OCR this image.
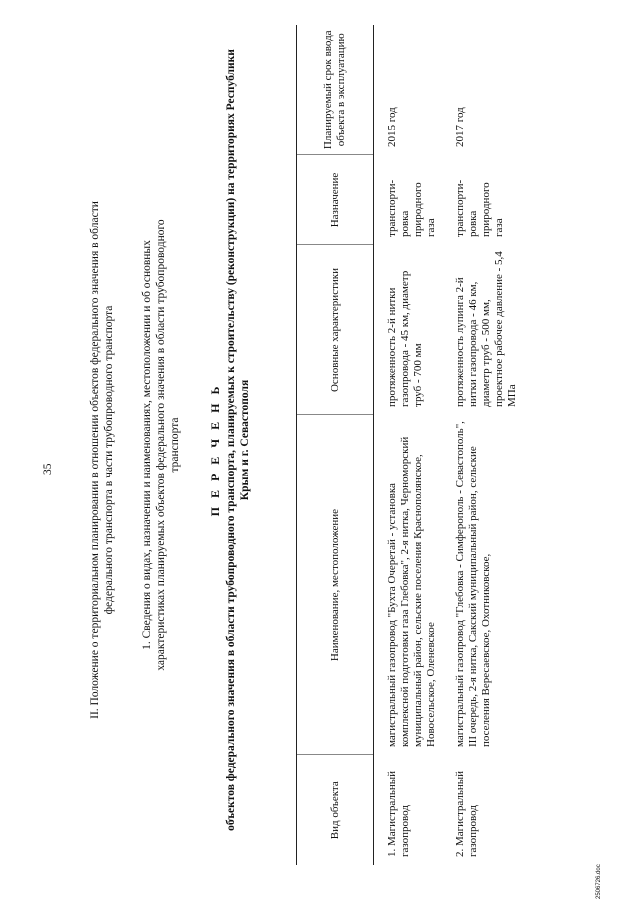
35	II. Положение о территориальном планировании в отношении объектов федерального значения в области федерального транспорта в части трубопроводного транспорта 1. Сведения о видах, назначении и наименованиях, местоположении и об основных характеристиках планируемых объектов федерального значения в области трубопроводного транспорта П Е Р Е Ч Е Н Ь объектов федерального значения в области трубопроводного транспорта, планируемых к строительству (реконструкции) на территориях Республики Крым и г. Севастополя
Вид объекта	Наименование, местоположение	Основные характеристики	Назначение	Планируемый срок ввода объекта в эксплуатацию
1. Магистральный газопровод	магистральный газопровод "Бухта Очеретай - установка комплексной подготовки газа Глебовка", 2-я нитка, Черноморский муниципальный район, сельские поселения Краснополянское, Новосельское, Оленевское	протяженность 2-й нитки газопровода - 45 км, диаметр труб - 700 мм	транспорти-ровка природного газа	2015 год
2. Магистральный газопровод	магистральный газопровод "Глебовка - Симферополь - Севастополь", III очередь, 2-я нитка, Сакский муниципальный район, сельские поселения Вересаевское, Охотниковское,	протяженность лупинга 2-й нитки газопровода - 46 км, диаметр труб - 500 мм, проектное рабочее давление - 5,4 МПа	транспорти-ровка природного газа	2017 год
2506726.doc
